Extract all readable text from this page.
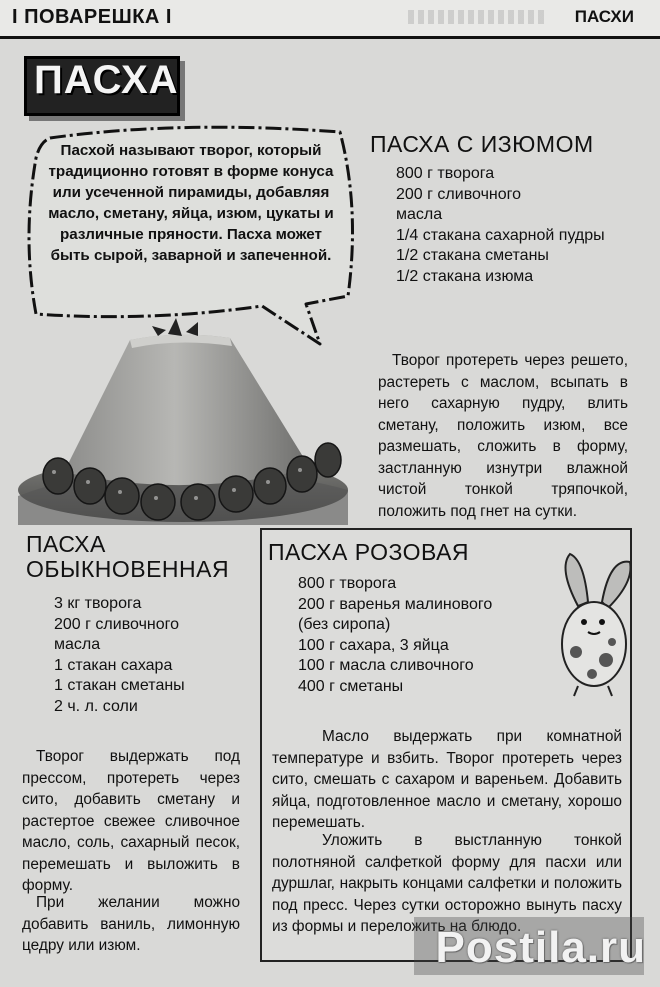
І ПОВАРЕШКА І	ПАСХИ
ПАСХА
Пасхой называют творог, который традиционно готовят в форме конуса или усеченной пирамиды, добавляя масло, сметану, яйца, изюм, цукаты и различные пряности. Пасха может быть сырой, заварной и запеченной.
ПАСХА С ИЗЮМОМ
800 г творога
200 г сливочного масла
1/4 стакана сахарной пудры
1/2 стакана сметаны
1/2 стакана изюма
Творог протереть через решето, растереть с маслом, всыпать в него сахарную пудру, влить сметану, положить изюм, все размешать, сложить в форму, застланную изнутри влажной чистой тонкой тряпочкой, положить под гнет на сутки.
ПАСХА
ОБЫКНОВЕННАЯ
3 кг творога
200 г сливочного масла
1 стакан сахара
1 стакан сметаны
2 ч. л. соли
Творог выдержать под прессом, протереть через сито, добавить сметану и растертое свежее сливочное масло, соль, сахарный песок, перемешать и выложить в форму.
При желании можно добавить ваниль, лимонную цедру или изюм.
ПАСХА РОЗОВАЯ
800 г творога
200 г варенья малинового
(без сиропа)
100 г сахара, 3 яйца
100 г масла сливочного
400 г сметаны
Масло выдержать при комнатной температуре и взбить. Творог протереть через сито, смешать с сахаром и вареньем. Добавить яйца, подготовленное масло и сметану, хорошо перемешать.
Уложить в выстланную тонкой полотняной салфеткой форму для пасхи или дуршлаг, накрыть концами салфетки и положить под пресс. Через сутки осторожно вынуть пасху из формы и переложить на блюдо.
Postila.ru
